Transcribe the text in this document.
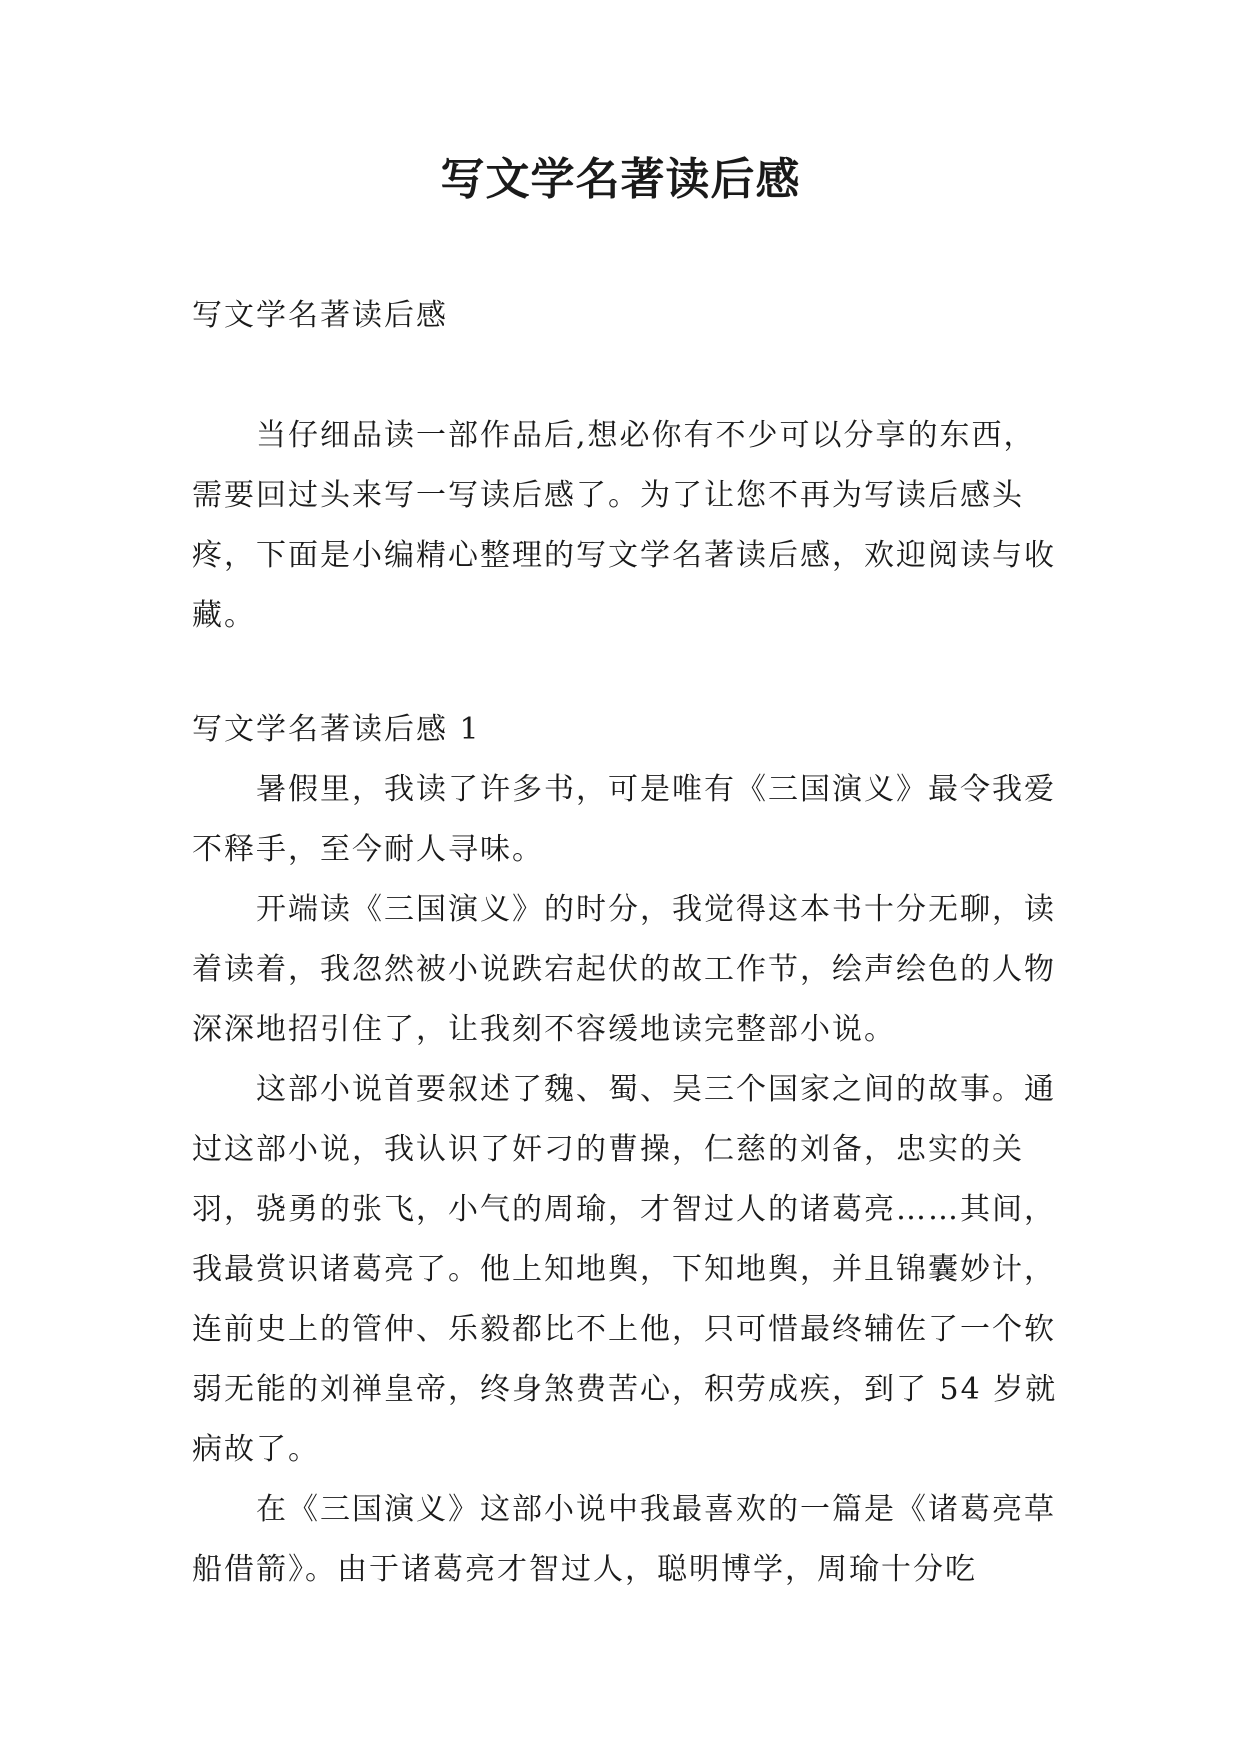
写文学名著读后感

写文学名著读后感

当仔细品读一部作品后,想必你有不少可以分享的东西，需要回过头来写一写读后感了。为了让您不再为写读后感头疼，下面是小编精心整理的写文学名著读后感，欢迎阅读与收藏。

写文学名著读后感 1

暑假里，我读了许多书，可是唯有《三国演义》最令我爱不释手，至今耐人寻味。

开端读《三国演义》的时分，我觉得这本书十分无聊，读着读着，我忽然被小说跌宕起伏的故工作节，绘声绘色的人物深深地招引住了，让我刻不容缓地读完整部小说。

这部小说首要叙述了魏、蜀、吴三个国家之间的故事。通过这部小说，我认识了奸刁的曹操，仁慈的刘备，忠实的关羽，骁勇的张飞，小气的周瑜，才智过人的诸葛亮……其间，我最赏识诸葛亮了。他上知地舆，下知地舆，并且锦囊妙计，连前史上的管仲、乐毅都比不上他，只可惜最终辅佐了一个软弱无能的刘禅皇帝，终身煞费苦心，积劳成疾，到了 54 岁就病故了。

在《三国演义》这部小说中我最喜欢的一篇是《诸葛亮草船借箭》。由于诸葛亮才智过人，聪明博学，周瑜十分吃
